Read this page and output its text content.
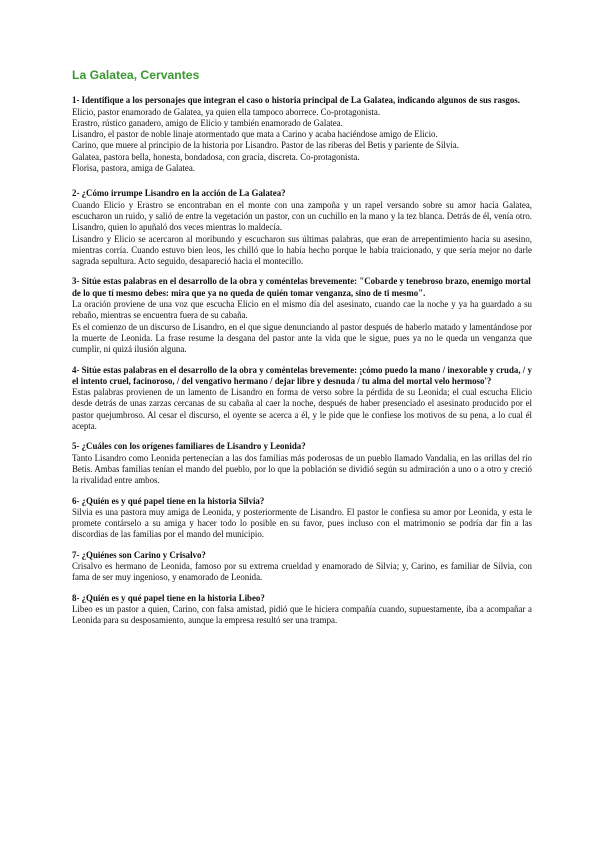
La Galatea, Cervantes

1- Identifique a los personajes que integran el caso o historia principal de La Galatea, indicando algunos de sus rasgos.

Elicio, pastor enamorado de Galatea, ya quien ella tampoco aborrece. Co-protagonista.

Erastro, rústico ganadero, amigo de Elicio y también enamorado de Galatea.

Lisandro, el pastor de noble linaje atormentado que mata a Carino y acaba haciéndose amigo de Elicio.

Carino, que muere al principio de la historia por Lisandro. Pastor de las riberas del Betis y pariente de Silvia.

Galatea, pastora bella, honesta, bondadosa, con gracia, discreta. Co-protagonista.

Florisa, pastora, amiga de Galatea.

2- ¿Cómo irrumpe Lisandro en la acción de La Galatea?

Cuando Elicio y Erastro se encontraban en el monte con una zampoña y un rapel versando sobre su amor hacia Galatea, escucharon un ruido, y salió de entre la vegetación un pastor, con un cuchillo en la mano y la tez blanca. Detrás de él, venía otro. Lisandro, quien lo apuñaló dos veces mientras lo maldecía.

Lisandro y Elicio se acercaron al moribundo y escucharon sus últimas palabras, que eran de arrepentimiento hacia su asesino, mientras corría. Cuando estuvo bien leos, les chilló que lo había hecho porque le había traicionado, y que sería mejor no darle sagrada sepultura. Acto seguido, desapareció hacia el montecillo.

3- Sitúe estas palabras en el desarrollo de la obra y coméntelas brevemente: "Cobarde y tenebroso brazo, enemigo mortal de lo que tí mesmo debes: mira que ya no queda de quién tomar venganza, sino de ti mesmo".

La oración proviene de una voz que escucha Elicio en el mismo día del asesinato, cuando cae la noche y ya ha guardado a su rebaño, mientras se encuentra fuera de su cabaña.

Es el comienzo de un discurso de Lisandro, en el que sigue denunciando al pastor después de haberlo matado y lamentándose por la muerte de Leonida. La frase resume la desgana del pastor ante la vida que le sigue, pues ya no le queda un venganza que cumplir, ni quizá ilusión alguna.

4- Sitúe estas palabras en el desarrollo de la obra y coméntelas brevemente: ¡cómo puedo la mano / inexorable y cruda, / y el intento cruel, facinoroso, / del vengativo hermano / dejar libre y desnuda / tu alma del mortal velo hermoso'?

Estas palabras provienen de un lamento de Lisandro en forma de verso sobre la pérdida de su Leonida; el cual escucha Elicio desde detrás de unas zarzas cercanas de su cabaña al caer la noche, después de haber presenciado el asesinato producido por el pastor quejumbroso. Al cesar el discurso, el oyente se acerca a él, y le pide que le confiese los motivos de su pena, a lo cual él acepta.

5- ¿Cuáles con los orígenes familiares de Lisandro y Leonida?

Tanto Lisandro como Leonida pertenecían a las dos familias más poderosas de un pueblo llamado Vandalia, en las orillas del río Betis. Ambas familias tenían el mando del pueblo, por lo que la población se dividió según su admiración a uno o a otro y creció la rivalidad entre ambos.

6- ¿Quién es y qué papel tiene en la historia Silvia?

Silvia es una pastora muy amiga de Leonida, y posteriormente de Lisandro. El pastor le confiesa su amor por Leonida, y esta le promete contárselo a su amiga y hacer todo lo posible en su favor, pues incluso con el matrimonio se podría dar fin a las discordias de las familias por el mando del municipio.

7- ¿Quiénes son Carino y Crisalvo?

Crisalvo es hermano de Leonida, famoso por su extrema crueldad y enamorado de Silvia; y, Carino, es familiar de Silvia, con fama de ser muy ingenioso, y enamorado de Leonida.

8- ¿Quién es y qué papel tiene en la historia Libeo?

Libeo es un pastor a quien, Carino, con falsa amistad, pidió que le hiciera compañía cuando, supuestamente, iba a acompañar a Leonida para su desposamiento, aunque la empresa resultó ser una trampa.
